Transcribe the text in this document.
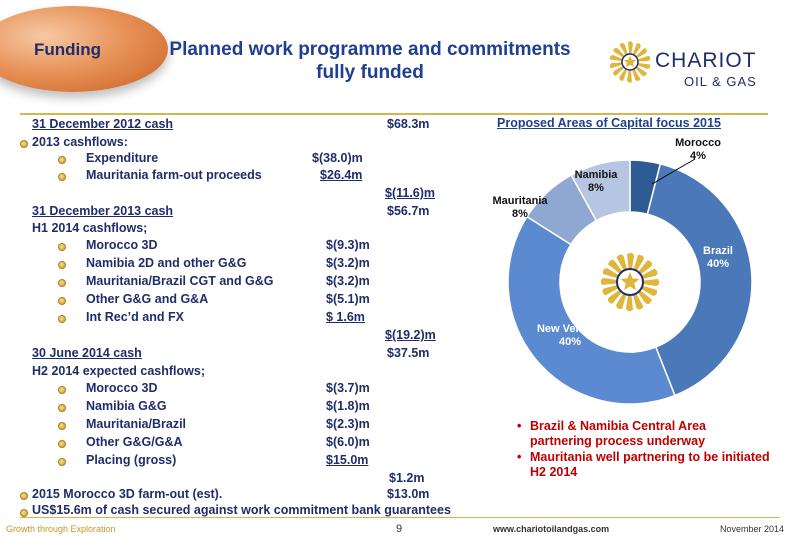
Funding	Planned work programme and commitments
fully funded
CHARIOT
OIL & GAS
31 December 2012 cash	$68.3m
2013 cashflows:
Expenditure	$(38.0)m
Mauritania farm-out proceeds	$26.4m
$(11.6)m
31 December 2013 cash	$56.7m
H1 2014 cashflows;
Morocco 3D	$(9.3)m
Namibia 2D and other G&G	$(3.2)m
Mauritania/Brazil CGT and G&G	$(3.2)m
Other G&G and G&A	$(5.1)m
Int Rec’d and FX	$ 1.6m
$(19.2)m
30 June 2014 cash	$37.5m
H2 2014 expected cashflows;
Morocco 3D	$(3.7)m
Namibia G&G	$(1.8)m
Mauritania/Brazil	$(2.3)m
Other G&G/G&A	$(6.0)m
Placing (gross)	$15.0m
$1.2m
2015 Morocco 3D farm-out (est).	$13.0m
US$15.6m of cash secured against work commitment bank guarantees
Proposed Areas of Capital focus 2015
Morocco
4%
Brazil
40%
New Venture
40%
Mauritania
8%
Namibia
8%
• Brazil & Namibia Central Area partnering process underway
• Mauritania well partnering to be initiated H2 2014
Growth through Exploration	9	www.chariotoilandgas.com	November 2014
